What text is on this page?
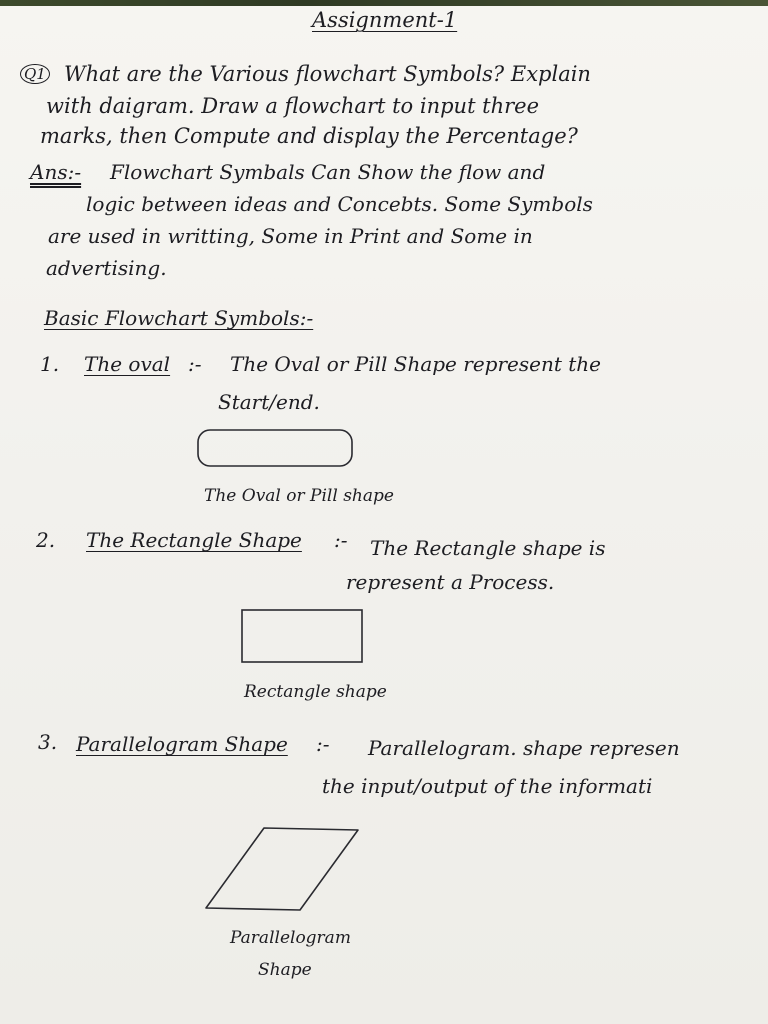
Assignment-1
Q1 What are the Various flowchart Symbols? Explain
with daigram. Draw a flowchart to input three
marks, then Compute and display the Percentage?
Ans:- Flowchart Symbals Can Show the flow and
logic between ideas and Concebts. Some Symbols
are used in writting, Some in Print and Some in
advertising.
Basic Flowchart Symbols:-
1. The oval :- The Oval or Pill Shape represent the
Start/end.
The Oval or Pill shape
2. The Rectangle Shape :- The Rectangle shape is
represent a Process.
Rectangle shape
3. Parallelogram Shape :- Parallelogram. shape represen
the input/output of the informati
Parallelogram
Shape
